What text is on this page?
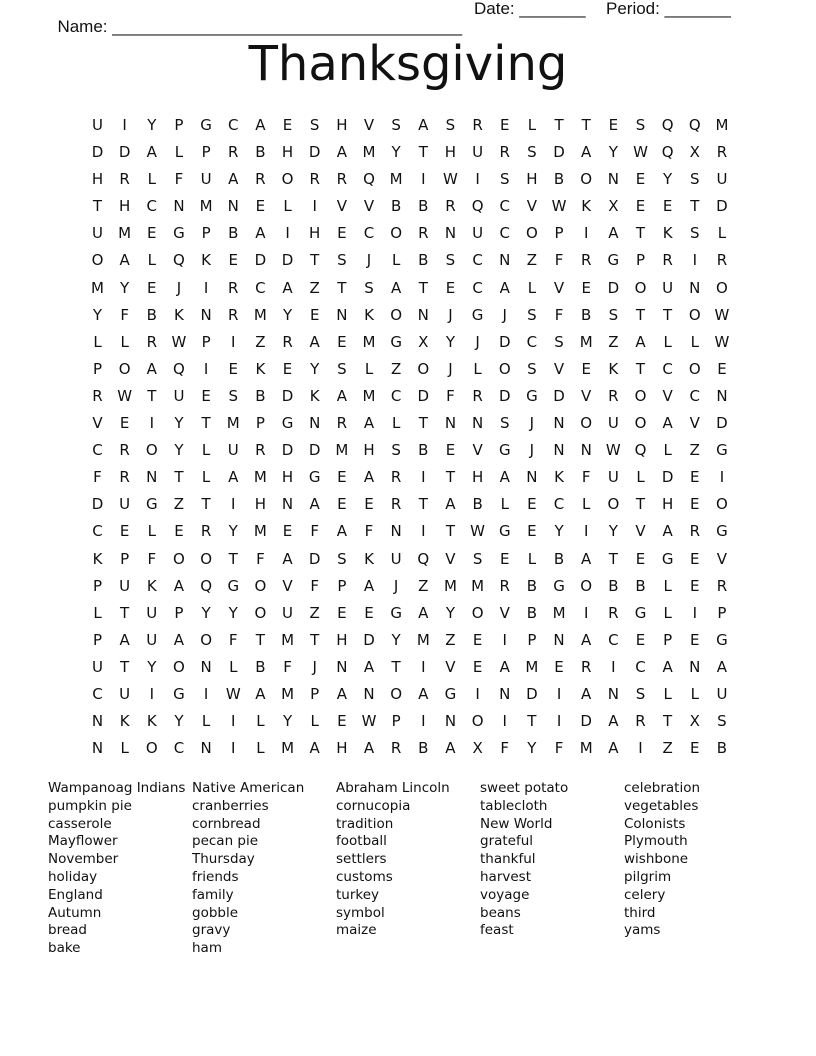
Name: _____________________________________

Date: _______

Period: _______

Thanksgiving
U	I	Y	P	G	C	A	E	S	H	V	S	A	S	R	E	L	T	T	E	S	Q	Q M
D	D	A	L	P	R	B	H	D	A	M	Y	T	H	U	R	S	D	A	Y	W Q	X	R
H	R	L	F	U	A	R	O	R	R	Q M	I	W	I	S	H	B	O	N	E	Y	S	U
T	H	C	N	M	N	E	L	I	V	V	B	B	R	Q	C	V W K	X	E	E	T	D
U	M	E	G	P	B	A	I	H	E	C	O	R	N	U	C	O	P	I	A	T	K	S	L
O	A	L	Q	K	E	D	D	T	S	J	L	B	S	C	N	Z	F	R	G	P	R	I	R
M	Y	E	J	I	R	C	A	Z	T	S	A	T	E	C	A	L	V	E	D	O	U	N	O
Y	F	B	K	N	R	M	Y	E	N	K	O	N	J	G	J	S	F	B	S	T	T	O W
L	L	R W	P	I	Z	R	A	E	M G	X	Y	J	D	C	S	M	Z	A	L	L	W
P	O	A	Q	I	E	K	E	Y	S	L	Z	O	J	L	O	S	V	E	K	T	C	O	E
R W	T	U	E	S	B	D	K	A	M	C	D	F	R	D	G	D	V	R	O	V	C	N
V	E	I	Y	T	M	P	G	N	R	A	L	T	N	N	S	J	N	O	U	O	A	V	D
C	R	O	Y	L	U	R	D	D M	H	S	B	E	V	G	J	N	N W Q	L	Z	G
F	R	N	T	L	A	M	H	G	E	A	R	I	T	H	A	N	K	F	U	L	D	E	I
D	U	G	Z	T	I	H	N	A	E	E	R	T	A	B	L	E	C	L	O	T	H	E	O
C	E	L	E	R	Y	M	E	F	A	F	N	I	T	W G	E	Y	I	Y	V	A	R	G
K	P	F	O	O	T	F	A	D	S	K	U	Q	V	S	E	L	B	A	T	E	G	E	V
P	U	K	A	Q	G	O	V	F	P	A	J	Z	M M	R	B	G	O	B	B	L	E	R
L	T	U	P	Y	Y	O	U	Z	E	E	G	A	Y	O	V	B	M	I	R	G	L	I	P
P	A	U	A	O	F	T	M	T	H	D	Y	M	Z	E	I	P	N	A	C	E	P	E	G
U	T	Y	O	N	L	B	F	J	N	A	T	I	V	E	A	M	E	R	I	C	A	N	A
C	U	I	G	I	W A	M	P	A	N	O	A	G	I	N	D	I	A	N	S	L	L	U
N	K	K	Y	L	I	L	Y	L	E	W	P	I	N	O	I	T	I	D	A	R	T	X	S
N	L	O	C	N	I	L	M	A	H	A	R	B	A	X	F	Y	F	M	A	I	Z	E	B
Wampanoag Indians
pumpkin pie
casserole
Mayflower
November
holiday
England
Autumn
bread
bake
Native American
cranberries
cornbread
pecan pie
Thursday
friends
family
gobble
gravy
ham
Abraham Lincoln
cornucopia
tradition
football
settlers
customs
turkey
symbol
maize
sweet potato
tablecloth
New World
grateful
thankful
harvest
voyage
beans
feast
celebration
vegetables
Colonists
Plymouth
wishbone
pilgrim
celery
third
yams
